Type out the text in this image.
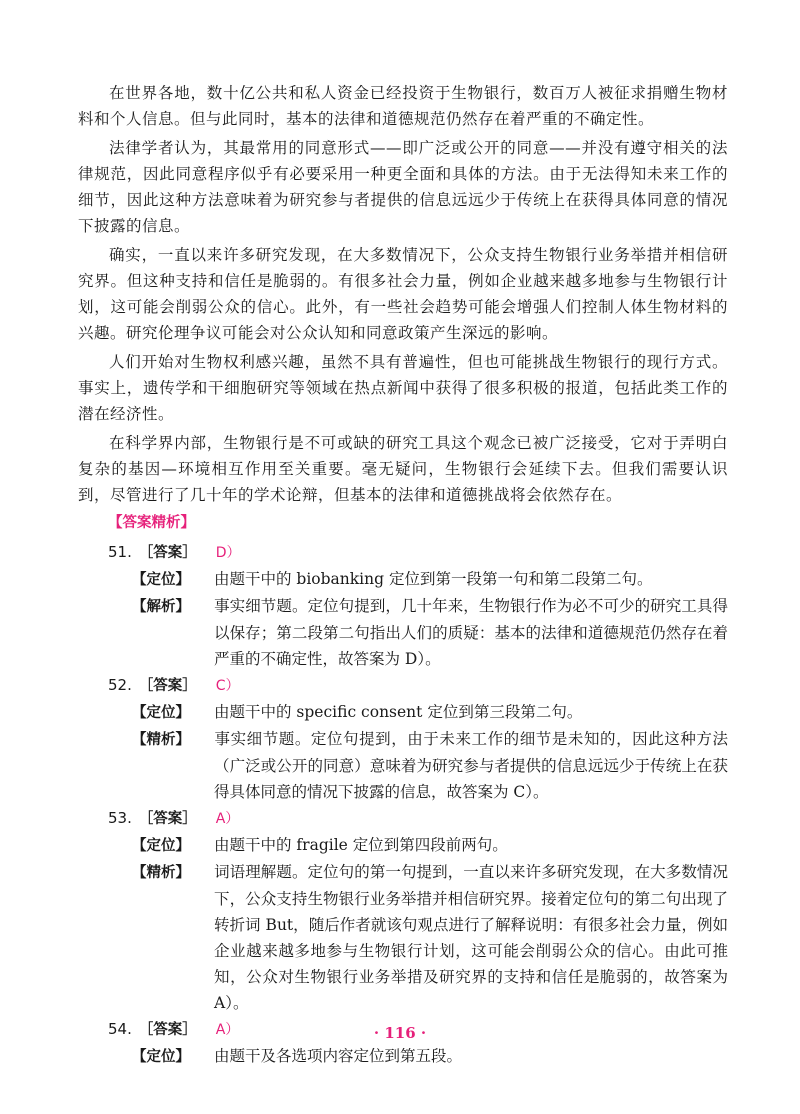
在世界各地，数十亿公共和私人资金已经投资于生物银行，数百万人被征求捐赠生物材料和个人信息。但与此同时，基本的法律和道德规范仍然存在着严重的不确定性。

法律学者认为，其最常用的同意形式——即广泛或公开的同意——并没有遵守相关的法律规范，因此同意程序似乎有必要采用一种更全面和具体的方法。由于无法得知未来工作的细节，因此这种方法意味着为研究参与者提供的信息远远少于传统上在获得具体同意的情况下披露的信息。

确实，一直以来许多研究发现，在大多数情况下，公众支持生物银行业务举措并相信研究界。但这种支持和信任是脆弱的。有很多社会力量，例如企业越来越多地参与生物银行计划，这可能会削弱公众的信心。此外，有一些社会趋势可能会增强人们控制人体生物材料的兴趣。研究伦理争议可能会对公众认知和同意政策产生深远的影响。

人们开始对生物权利感兴趣，虽然不具有普遍性，但也可能挑战生物银行的现行方式。事实上，遗传学和干细胞研究等领域在热点新闻中获得了很多积极的报道，包括此类工作的潜在经济性。

在科学界内部，生物银行是不可或缺的研究工具这个观念已被广泛接受，它对于弄明白复杂的基因—环境相互作用至关重要。毫无疑问，生物银行会延续下去。但我们需要认识到，尽管进行了几十年的学术论辩，但基本的法律和道德挑战将会依然存在。

【答案精析】

51. ［答案］ D）

【定位】 由题干中的 biobanking 定位到第一段第一句和第二段第二句。
【解析】 事实细节题。定位句提到，几十年来，生物银行作为必不可少的研究工具得以保存；第二段第二句指出人们的质疑：基本的法律和道德规范仍然存在着严重的不确定性，故答案为 D）。

52. ［答案］ C）

【定位】 由题干中的 specific consent 定位到第三段第二句。
【精析】 事实细节题。定位句提到，由于未来工作的细节是未知的，因此这种方法（广泛或公开的同意）意味着为研究参与者提供的信息远远少于传统上在获得具体同意的情况下披露的信息，故答案为 C）。

53. ［答案］ A）

【定位】 由题干中的 fragile 定位到第四段前两句。
【精析】 词语理解题。定位句的第一句提到，一直以来许多研究发现，在大多数情况下，公众支持生物银行业务举措并相信研究界。接着定位句的第二句出现了转折词 But，随后作者就该句观点进行了解释说明：有很多社会力量，例如企业越来越多地参与生物银行计划，这可能会削弱公众的信心。由此可推知，公众对生物银行业务举措及研究界的支持和信任是脆弱的，故答案为 A）。

54. ［答案］ A）

【定位】 由题干及各选项内容定位到第五段。
· 116 ·
